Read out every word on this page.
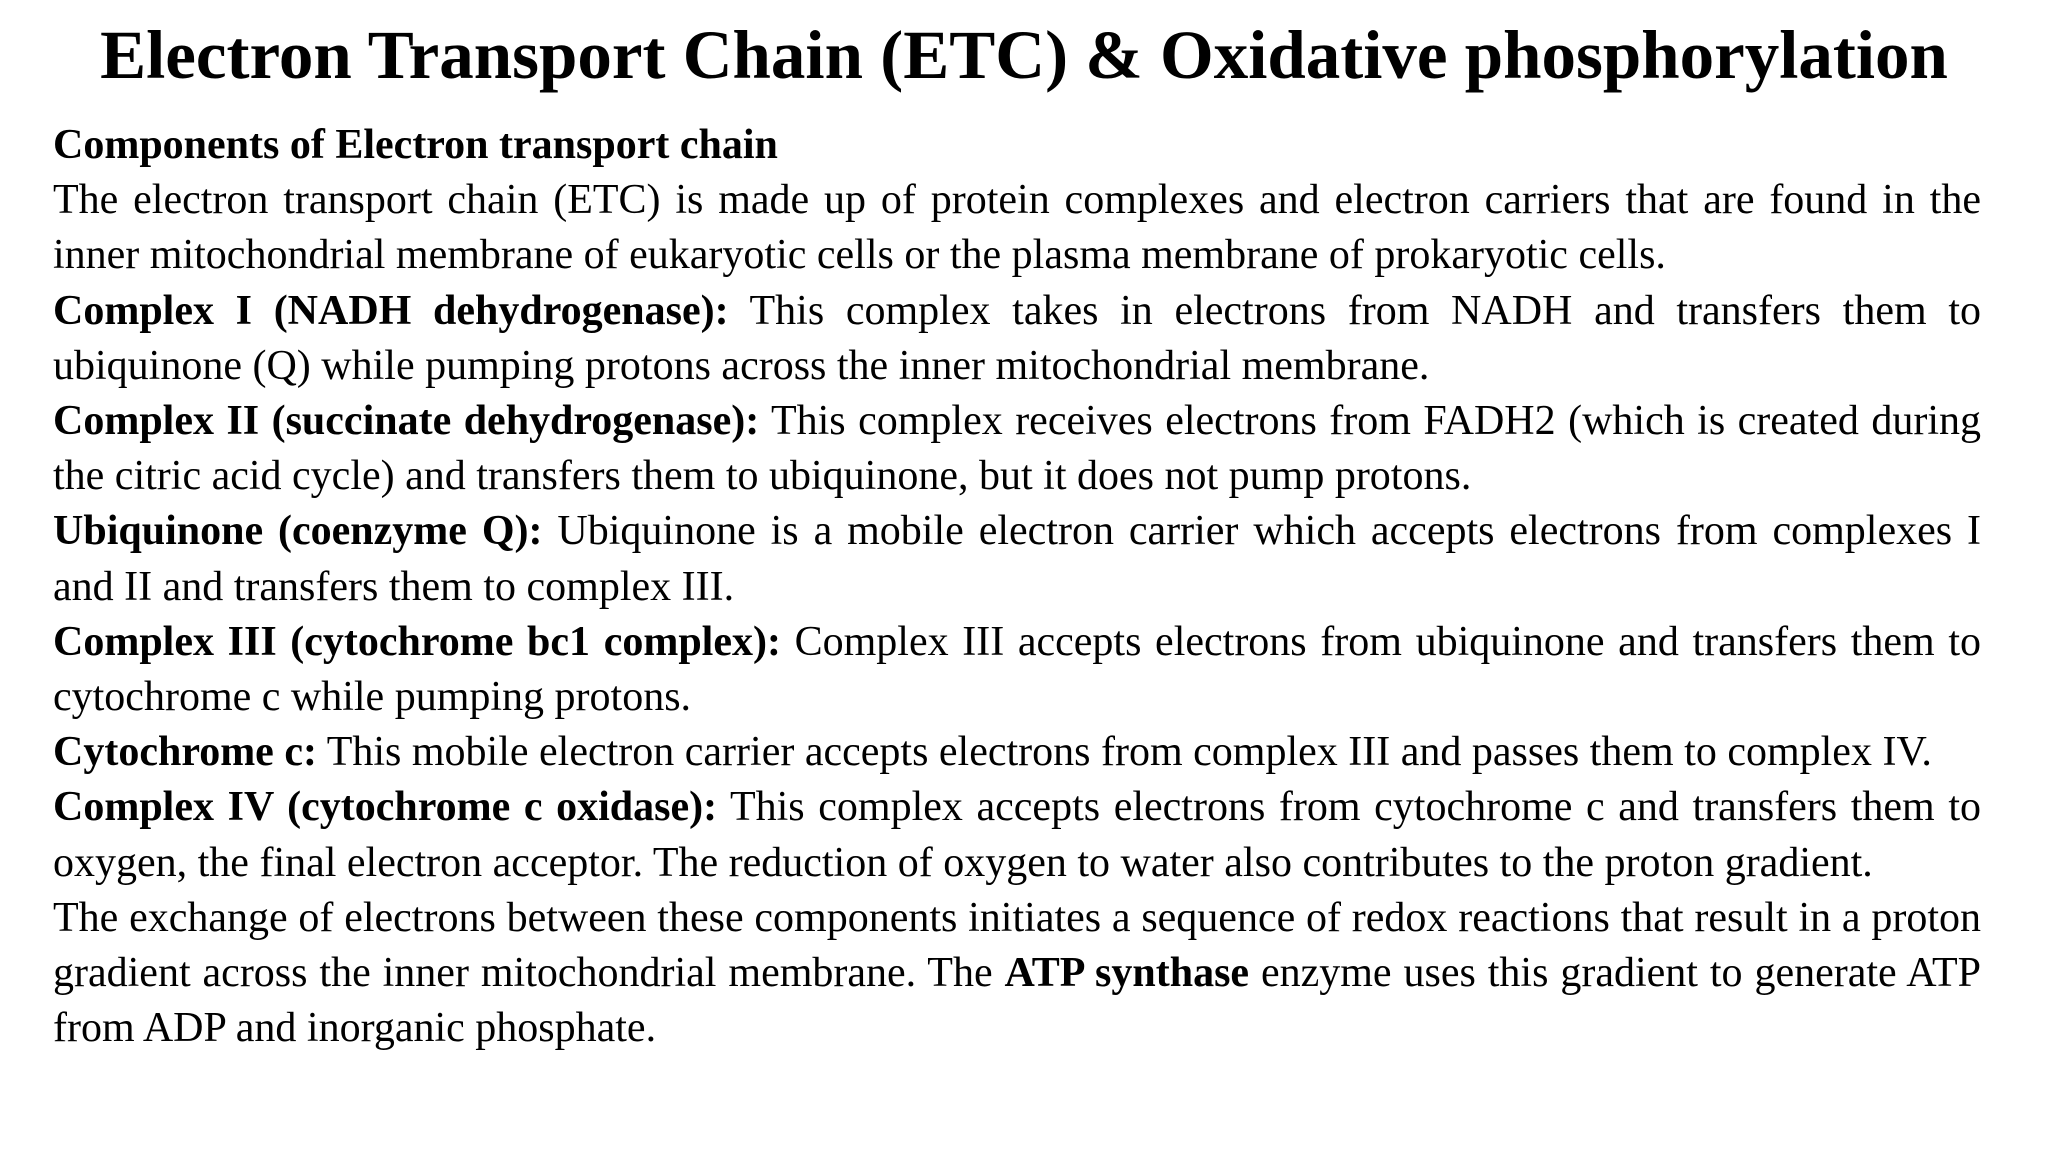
Electron Transport Chain (ETC) & Oxidative phosphorylation

Components of Electron transport chain

The electron transport chain (ETC) is made up of protein complexes and electron carriers that are found in the inner mitochondrial membrane of eukaryotic cells or the plasma membrane of prokaryotic cells.

Complex I (NADH dehydrogenase): This complex takes in electrons from NADH and transfers them to ubiquinone (Q) while pumping protons across the inner mitochondrial membrane.

Complex II (succinate dehydrogenase): This complex receives electrons from FADH2 (which is created during the citric acid cycle) and transfers them to ubiquinone, but it does not pump protons.

Ubiquinone (coenzyme Q): Ubiquinone is a mobile electron carrier which accepts electrons from complexes I and II and transfers them to complex III.

Complex III (cytochrome bc1 complex): Complex III accepts electrons from ubiquinone and transfers them to cytochrome c while pumping protons.

Cytochrome c: This mobile electron carrier accepts electrons from complex III and passes them to complex IV.

Complex IV (cytochrome c oxidase): This complex accepts electrons from cytochrome c and transfers them to oxygen, the final electron acceptor. The reduction of oxygen to water also contributes to the proton gradient.

The exchange of electrons between these components initiates a sequence of redox reactions that result in a proton gradient across the inner mitochondrial membrane. The ATP synthase enzyme uses this gradient to generate ATP from ADP and inorganic phosphate.
